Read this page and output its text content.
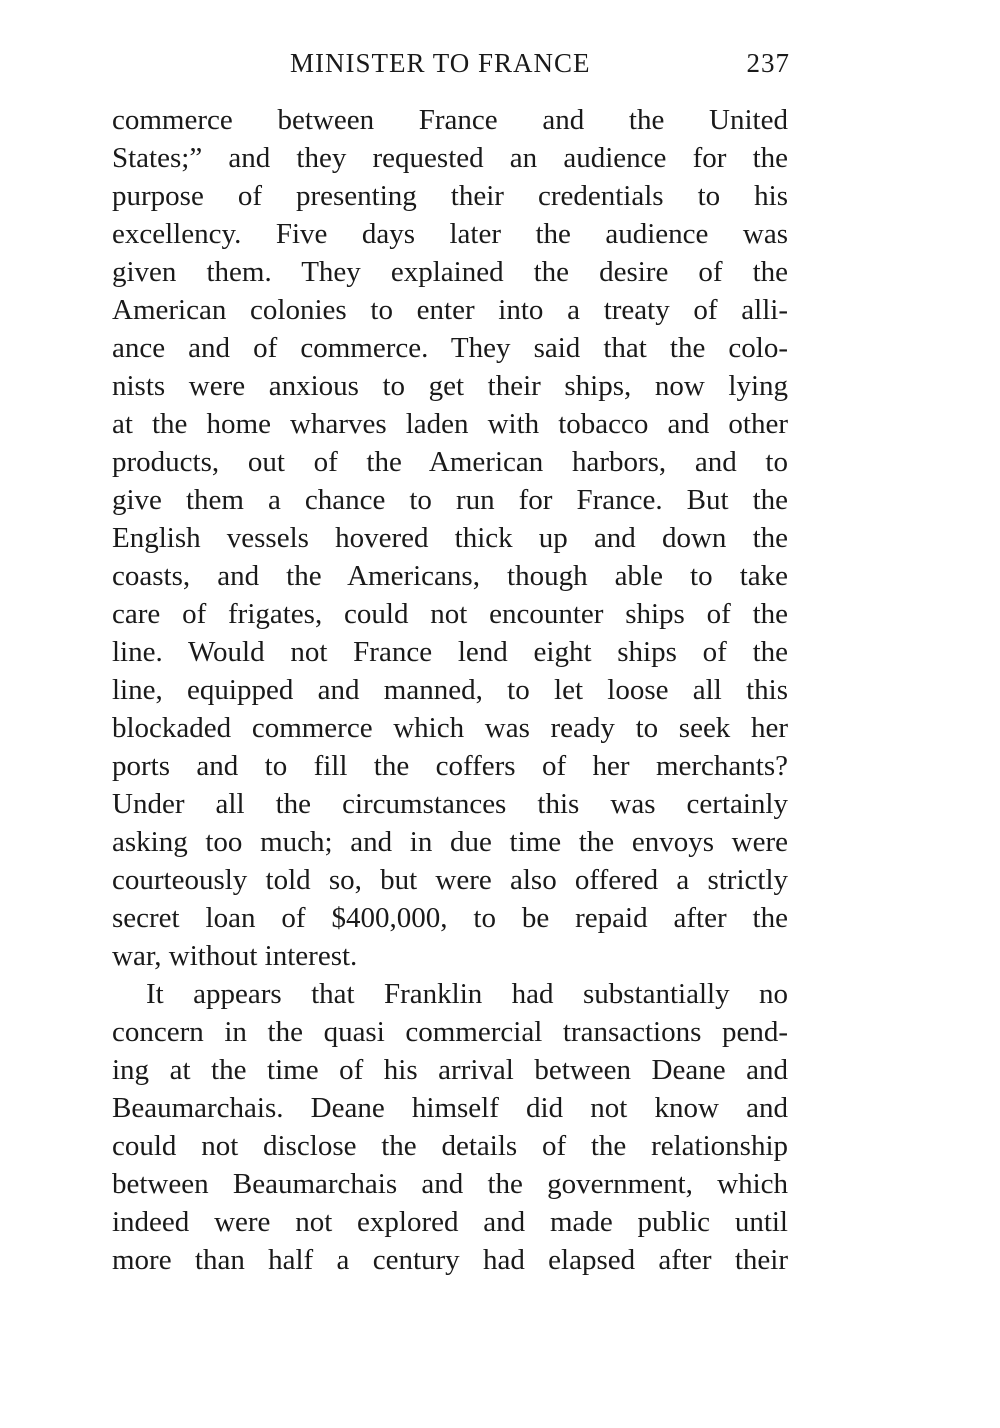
MINISTER TO FRANCE	237
commerce between France and the United
States;” and they requested an audience for the
purpose of presenting their credentials to his
excellency. Five days later the audience was
given them. They explained the desire of the
American colonies to enter into a treaty of alli-
ance and of commerce. They said that the colo-
nists were anxious to get their ships, now lying
at the home wharves laden with tobacco and other
products, out of the American harbors, and to
give them a chance to run for France. But the
English vessels hovered thick up and down the
coasts, and the Americans, though able to take
care of frigates, could not encounter ships of the
line. Would not France lend eight ships of the
line, equipped and manned, to let loose all this
blockaded commerce which was ready to seek her
ports and to fill the coffers of her merchants?
Under all the circumstances this was certainly
asking too much; and in due time the envoys were
courteously told so, but were also offered a strictly
secret loan of $400,000, to be repaid after the
war, without interest.
It appears that Franklin had substantially no
concern in the quasi commercial transactions pend-
ing at the time of his arrival between Deane and
Beaumarchais. Deane himself did not know and
could not disclose the details of the relationship
between Beaumarchais and the government, which
indeed were not explored and made public until
more than half a century had elapsed after their
